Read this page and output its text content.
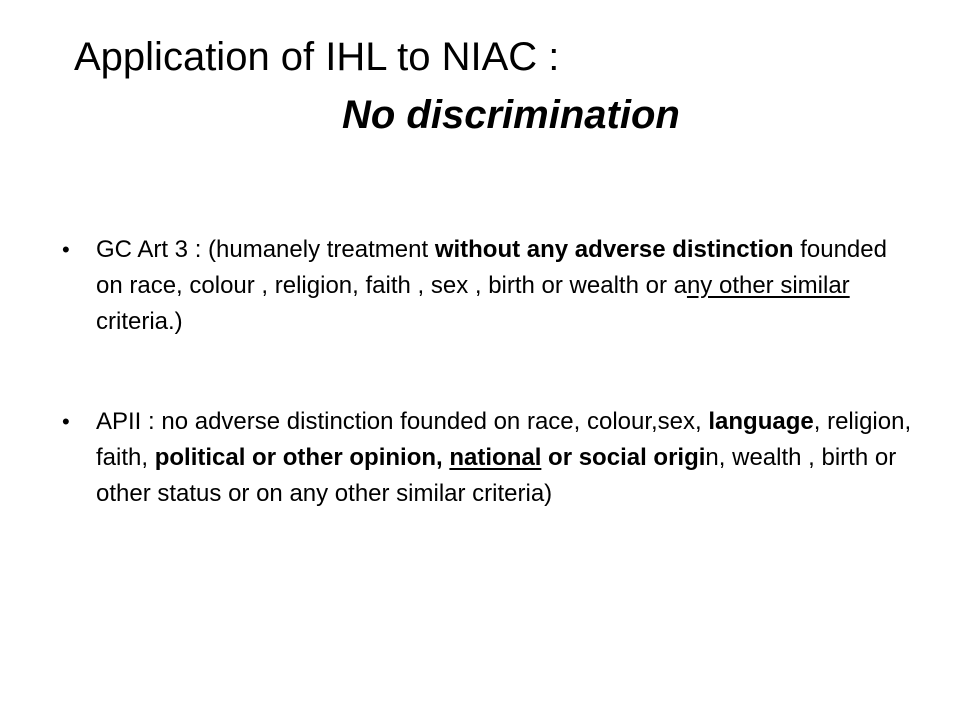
Application of IHL to NIAC :
No discrimination
• GC Art 3 : (humanely treatment without any adverse distinction founded on race, colour , religion, faith , sex , birth or wealth or any other similar criteria.)
• APII : no adverse distinction founded on race, colour,sex, language, religion, faith, political or other opinion, national or social origin, wealth , birth or other status or on any other similar criteria)
